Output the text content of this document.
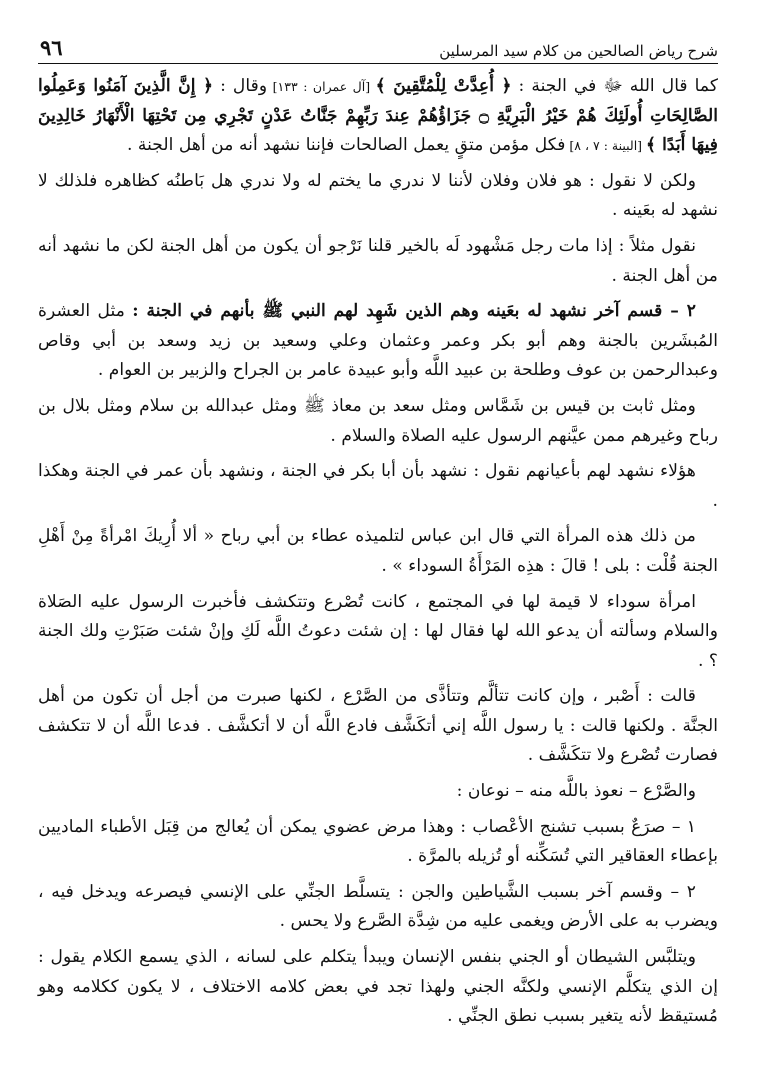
شرح رياض الصالحين من كلام سيد المرسلين
٩٦

كما قال الله ﷻ في الجنة : ﴿ أُعِدَّتْ لِلْمُتَّقِينَ ﴾ [آل عمران : ١٣٣] وقال : ﴿ إِنَّ الَّذِينَ آمَنُوا وَعَمِلُوا الصَّالِحَاتِ أُولَئِكَ هُمْ خَيْرُ الْبَرِيَّةِ ۝ جَزَاؤُهُمْ عِندَ رَبِّهِمْ جَنَّاتُ عَدْنٍ تَجْرِي مِن تَحْتِهَا الْأَنْهَارُ خَالِدِينَ فِيهَا أَبَدًا ﴾ [البينة : ٧ ، ٨] فكل مؤمن متقٍ يعمل الصالحات فإننا نشهد أنه من أهل الجنة .

ولكن لا نقول : هو فلان وفلان لأننا لا ندري ما يختم له ولا ندري هل بَاطنُه كظاهره فلذلك لا نشهد له بعَينه .

نقول مثلاً : إذا مات رجل مَشْهود لَه بالخير قلنا نَرْجو أن يكون من أهل الجنة لكن ما نشهد أنه من أهل الجنة .

٢ – قسم آخر نشهد له بعَينه وهم الذين شَهِد لهم النبي ﷺ بأنهم في الجنة : مثل العشرة المُبشَرين بالجنة وهم أبو بكر وعمر وعثمان وعلي وسعيد بن زيد وسعد بن أبي وقاص وعبدالرحمن بن عوف وطلحة بن عبيد اللَّه وأبو عبيدة عامر بن الجراح والزبير بن العوام .

ومثل ثابت بن قيس بن شَمَّاس ومثل سعد بن معاذ ﷺ ومثل عبدالله بن سلام ومثل بلال بن رباح وغيرهم ممن عيَّنهم الرسول عليه الصلاة والسلام .

هؤلاء نشهد لهم بأعيانهم نقول : نشهد بأن أبا بكر في الجنة ، ونشهد بأن عمر في الجنة وهكذا .

من ذلك هذه المرأة التي قال ابن عباس لتلميذه عطاء بن أبي رباح « ألا أُرِيكَ امْرأةً مِنْ أَهْلِ الجنة قُلْت : بلى ! قالَ : هذِه المَرْأَةُ السوداء » .

امرأة سوداء لا قيمة لها في المجتمع ، كانت تُصْرع وتتكشف فأخبرت الرسول عليه الصَلاة والسلام وسألته أن يدعو الله لها فقال لها : إن شئت دعوتُ اللَّه لَكِ وإنْ شئت صَبَرْتِ ولك الجنة ؟ .

قالت : أَصْبر ، وإن كانت تتألَّم وتتأذَّى من الصَّرْع ، لكنها صبرت من أجل أن تكون من أهل الجنَّة . ولكنها قالت : يا رسول اللَّه إني أتكَشَّف فادع اللَّه أن لا أتكشَّف . فدعا اللَّه أن لا تتكشف فصارت تُصْرع ولا تتكَشَّف .

والصَّرْع – نعوذ باللَّه منه – نوعان :

١ – صرَعٌ بسبب تشنج الأعْصاب : وهذا مرض عضوي يمكن أن يُعالج من قِبَل الأطباء الماديين بإعطاء العقاقير التي تُسَكِّنه أو تُزيله بالمرَّة .

٢ – وقسم آخر بسبب الشَّياطين والجن : يتسلَّط الجنِّي على الإنسي فيصرعه ويدخل فيه ، ويضرب به على الأرض ويغمى عليه من شِدَّة الصَّرع ولا يحس .

ويتلبَّس الشيطان أو الجني بنفس الإنسان ويبدأ يتكلم على لسانه ، الذي يسمع الكلام يقول : إن الذي يتكلَّم الإنسي ولكنَّه الجني ولهذا تجد في بعض كلامه الاختلاف ، لا يكون ككلامه وهو مُستيقظ لأنه يتغير بسبب نطق الجنِّي .
